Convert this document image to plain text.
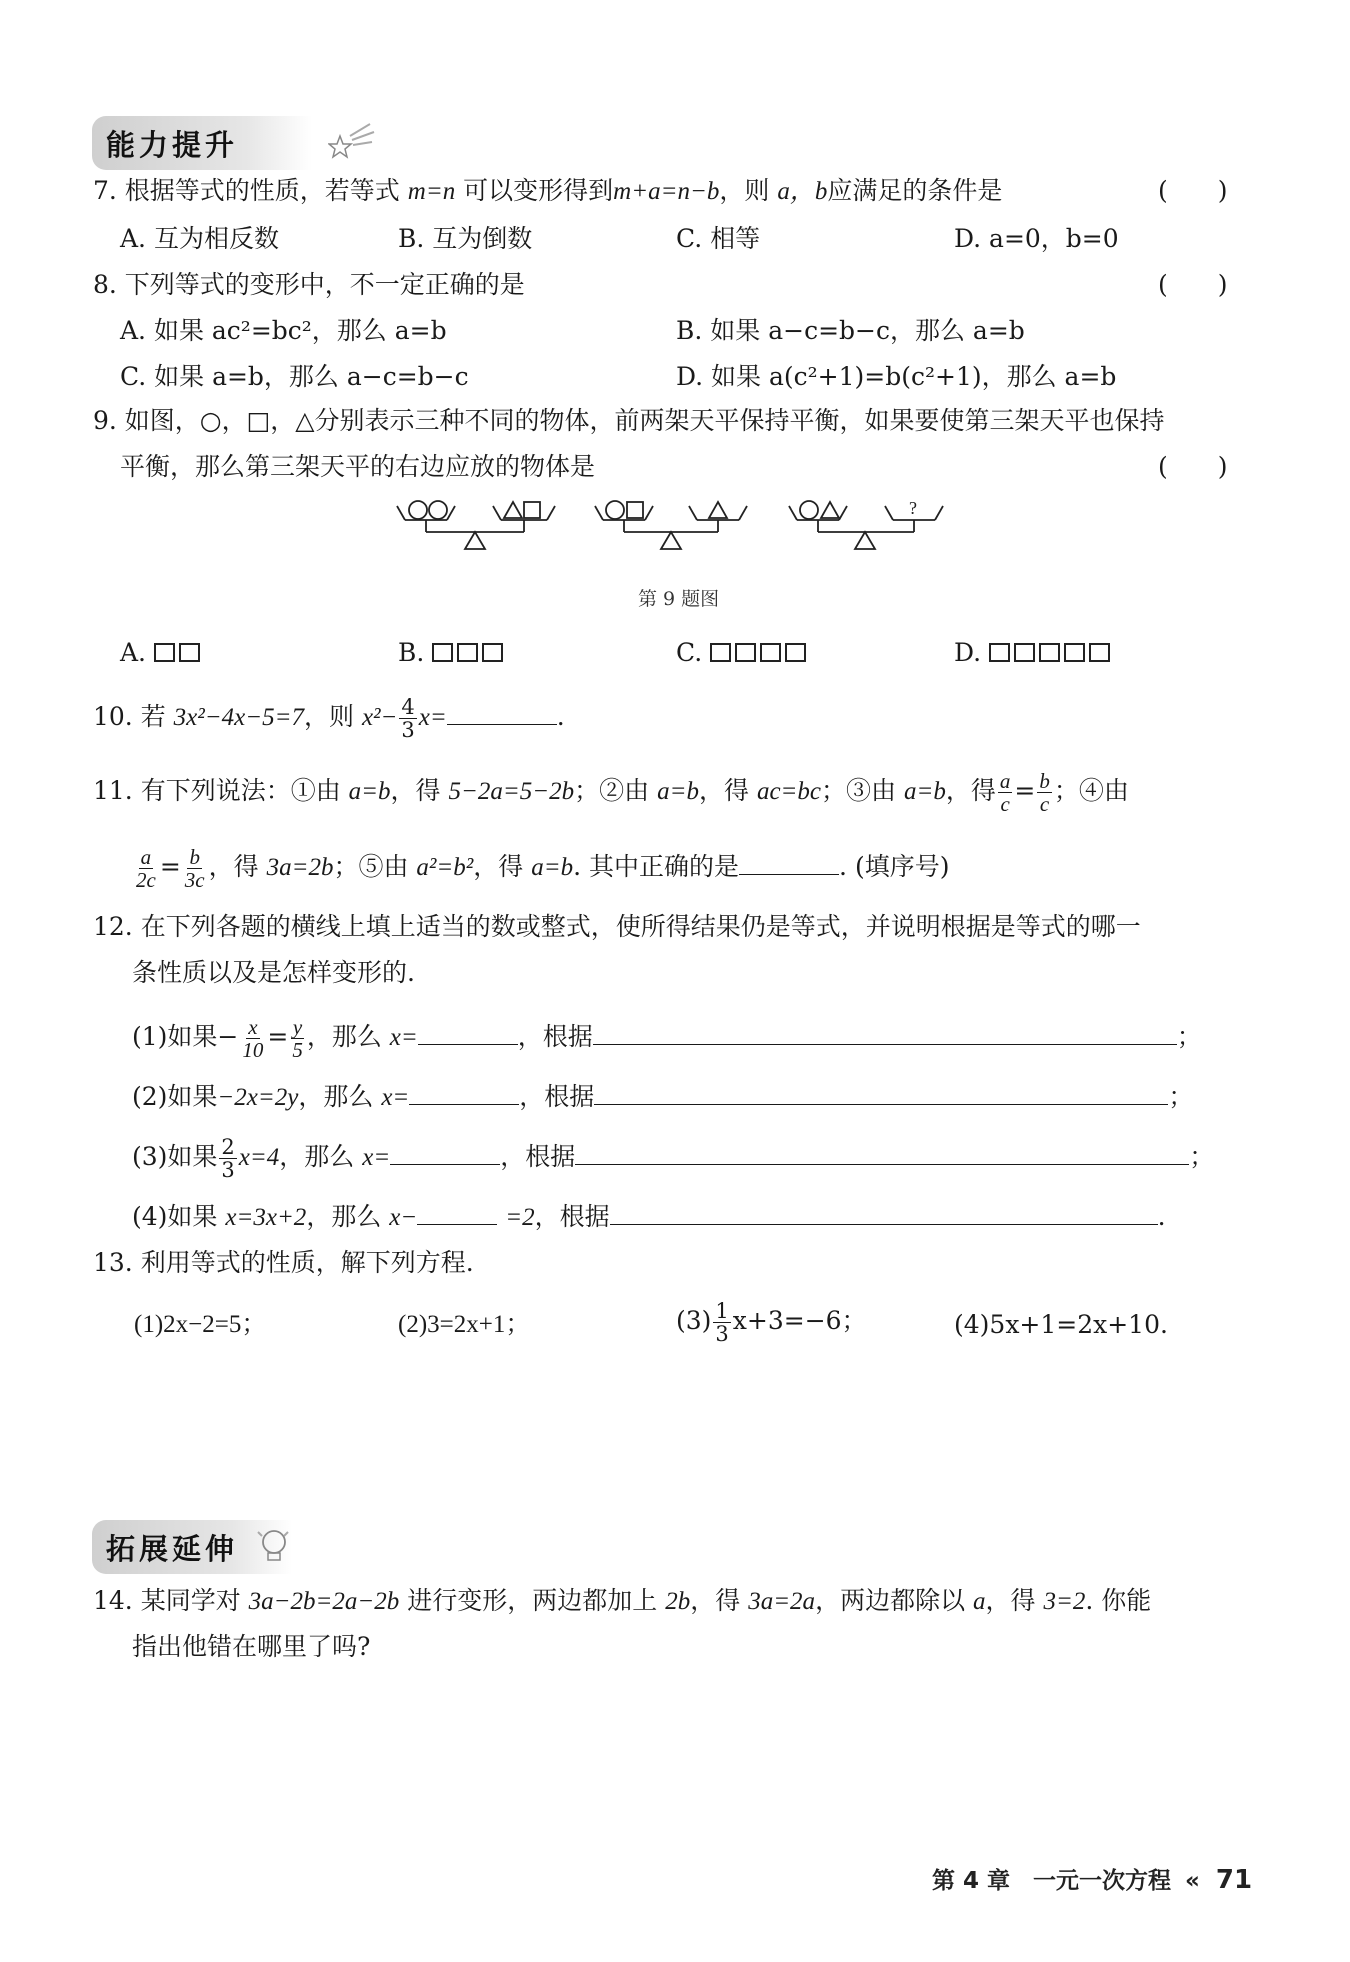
能力提升
7. 根据等式的性质，若等式 m=n 可以变形得到m+a=n−b，则 a，b应满足的条件是	(　　)
A. 互为相反数	B. 互为倒数	C. 相等	D. a=0，b=0
8. 下列等式的变形中，不一定正确的是	(　　)
A. 如果 ac²=bc²，那么 a=b	B. 如果 a−c=b−c，那么 a=b
C. 如果 a=b，那么 a−c=b−c	D. 如果 a(c²+1)=b(c²+1)，那么 a=b
9. 如图，○，□，△分别表示三种不同的物体，前两架天平保持平衡，如果要使第三架天平也保持
平衡，那么第三架天平的右边应放的物体是	(　　)
?
第 9 题图
A.	B.	C.	D.
10. 若 3x²−4x−5=7，则 $x^2- \frac{4}{3} x=$	.
11. 有下列说法：①由 a=b，得 5−2a=5−2b；②由 a=b，得 ac=bc；③由 a=b，得 $\frac{a}{c} = \frac{b}{c}$ ；④由
$\frac{a}{2c} = \frac{b}{3c}$ ，得 3a=2b；⑤由 a²=b²，得 a=b. 其中正确的是	. (填序号)
12. 在下列各题的横线上填上适当的数或整式，使所得结果仍是等式，并说明根据是等式的哪一
条性质以及是怎样变形的.
(1)如果− $\frac{x}{10} = \frac{y}{5}$ ，那么 x=	，根据	；
(2)如果−2x=2y，那么 x=	，根据	；
(3)如果 $\frac{2}{3} x=4$，那么 x=	，根据	；
(4)如果 x=3x+2，那么 x−	=2，根据	.
13. 利用等式的性质，解下列方程.
(1)2x−2=5；	(2)3=2x+1；	$(3) \frac{1}{3} x+3=-6$；	(4)5x+1=2x+10.
拓展延伸
14. 某同学对 3a−2b=2a−2b 进行变形，两边都加上 2b，得 3a=2a，两边都除以 a，得 3=2. 你能
指出他错在哪里了吗?
第 4 章　一元一次方程 « 71
